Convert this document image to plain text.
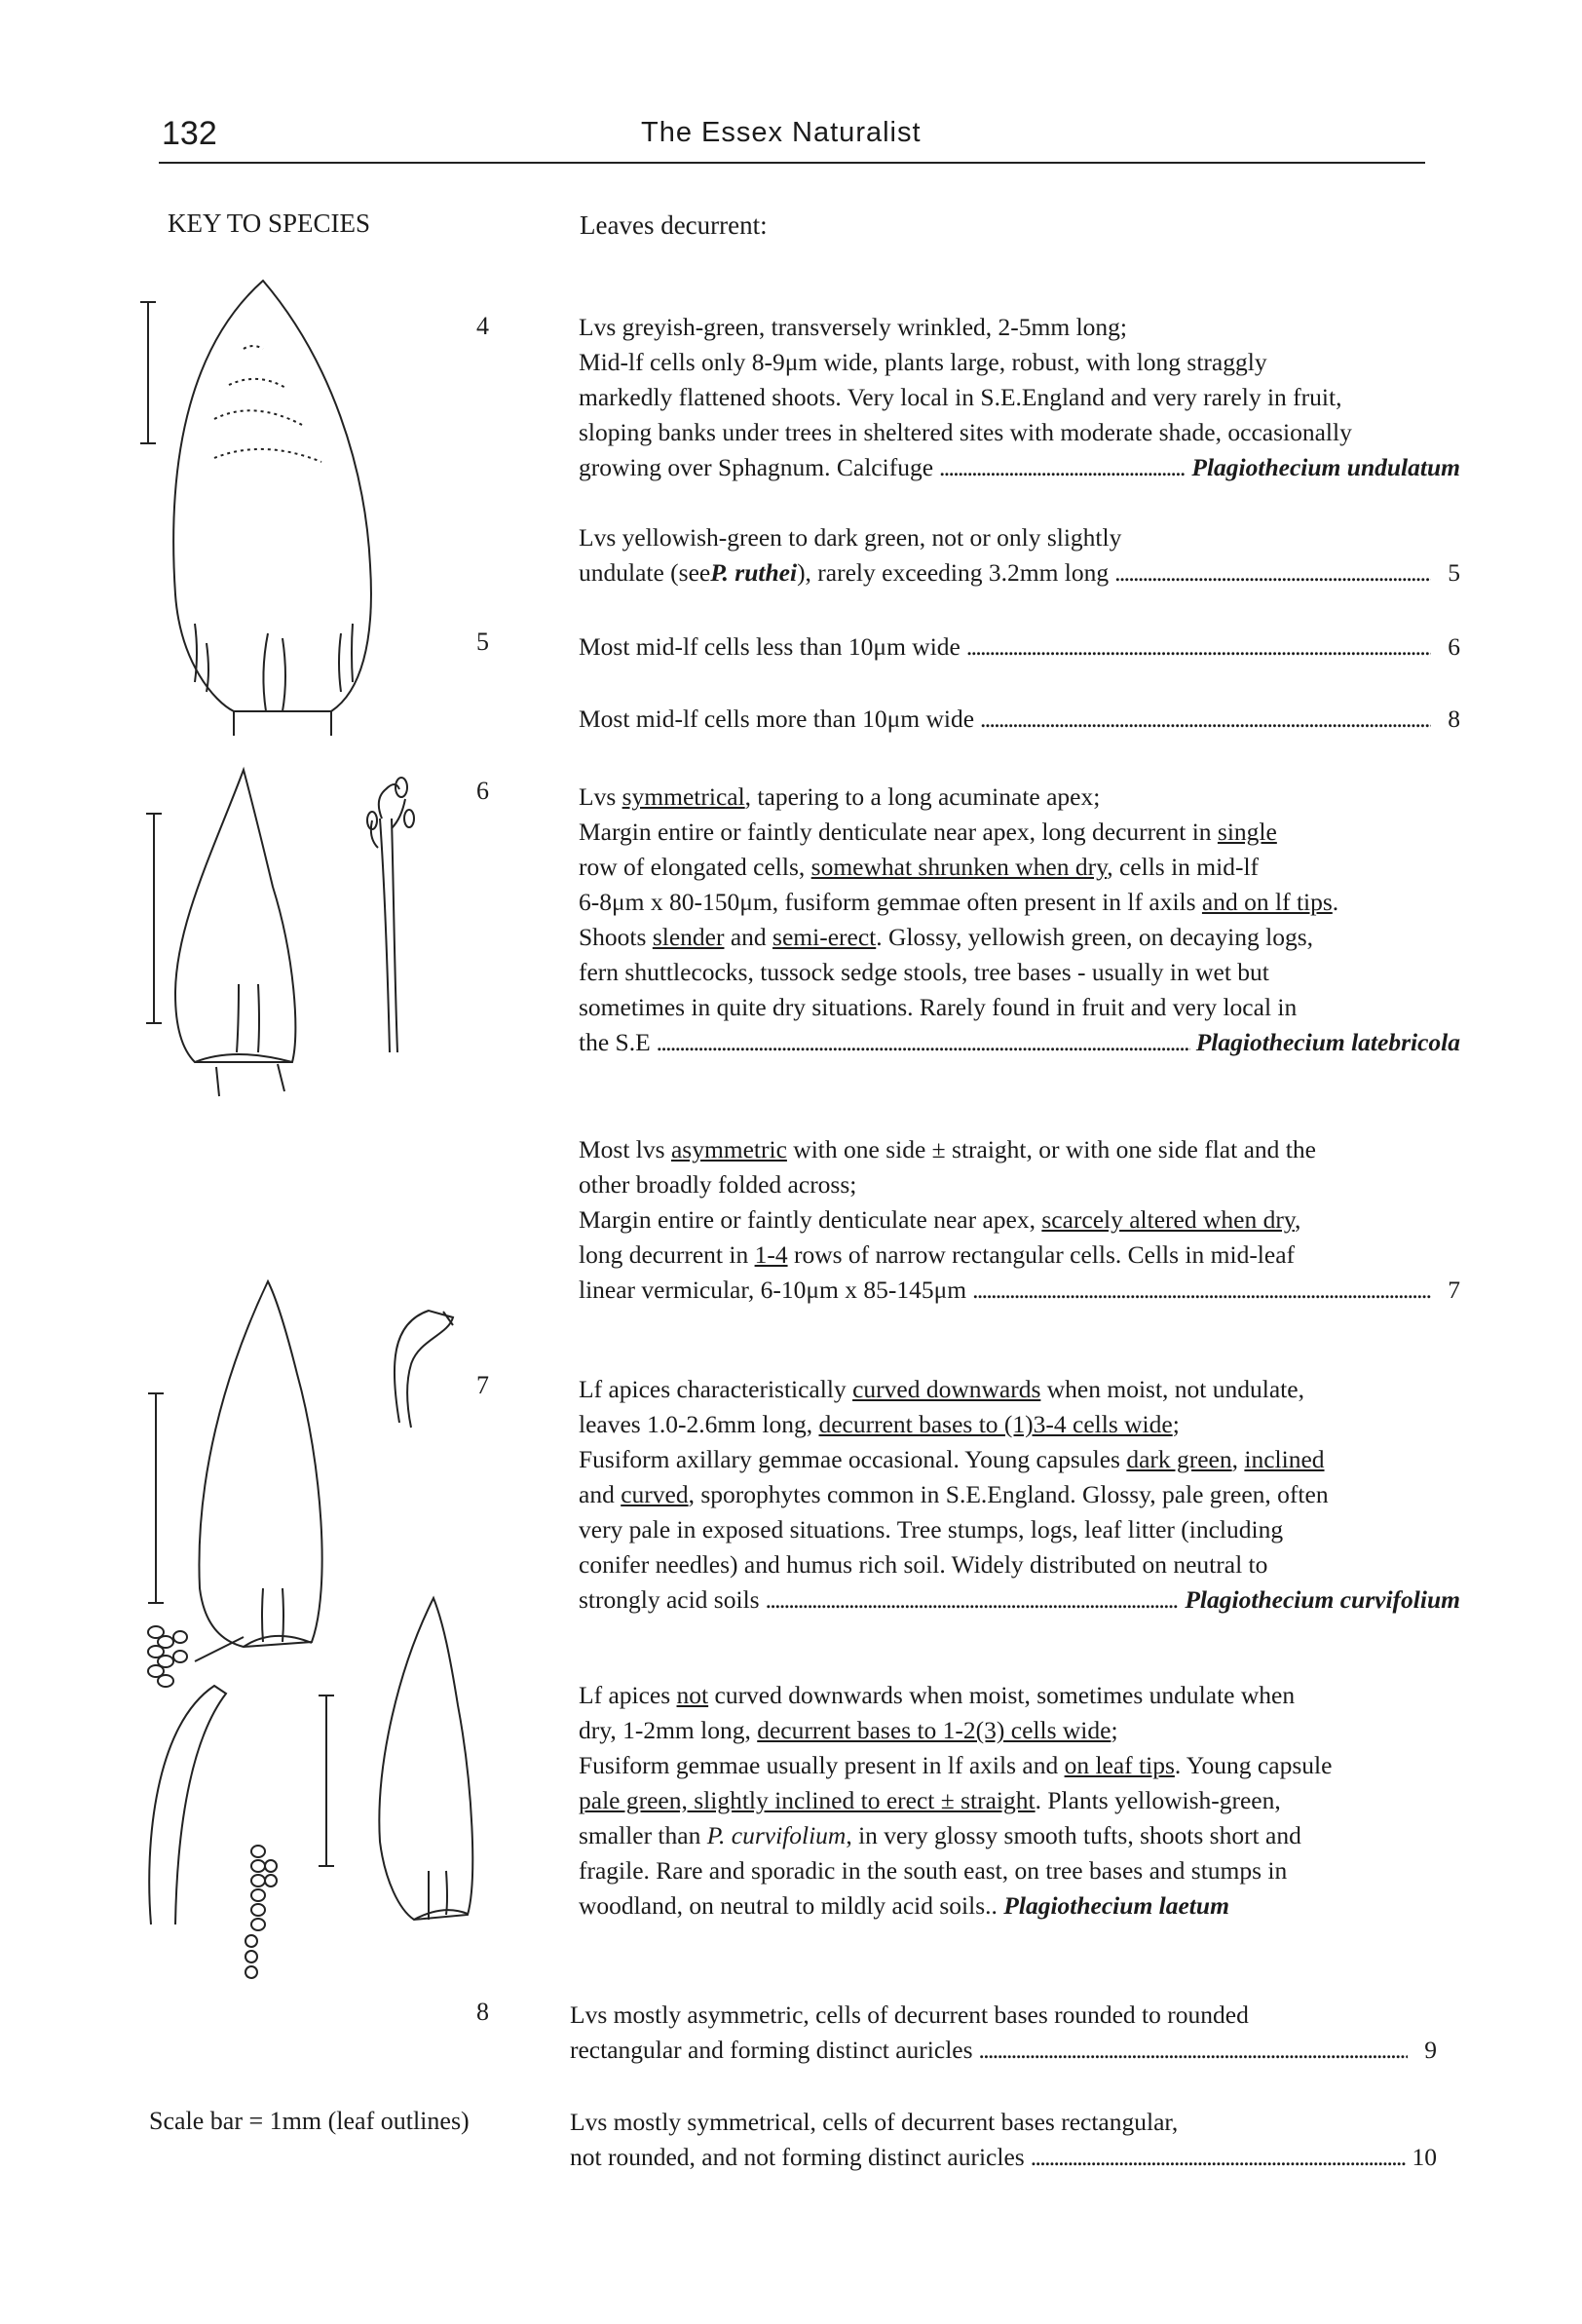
132	The Essex Naturalist
KEY TO SPECIES	Leaves decurrent:
4
5
6
7
8

Lvs greyish-green, transversely wrinkled, 2-5mm long;

Mid-lf cells only 8-9μm wide, plants large, robust, with long straggly

markedly flattened shoots. Very local in S.E.England and very rarely in fruit,

sloping banks under trees in sheltered sites with moderate shade, occasionally

growing over Sphagnum. Calcifuge . . .	Plagiothecium undulatum

Lvs yellowish-green to dark green, not or only slightly

undulate (see P. ruthei ), rarely exceeding 3.2mm long . . .	5
Most mid-lf cells less than 10μm wide . . .	6
Most mid-lf cells more than 10μm wide . . .	8

Lvs symmetrical, tapering to a long acuminate apex;

Margin entire or faintly denticulate near apex, long decurrent in single

row of elongated cells, somewhat shrunken when dry, cells in mid-lf

6-8μm x 80-150μm, fusiform gemmae often present in lf axils and on lf tips.

Shoots slender and semi-erect. Glossy, yellowish green, on decaying logs,

fern shuttlecocks, tussock sedge stools, tree bases - usually in wet but

sometimes in quite dry situations. Rarely found in fruit and very local in

the S.E . . .	Plagiothecium latebricola

Most lvs asymmetric with one side ± straight, or with one side flat and the

other broadly folded across;

Margin entire or faintly denticulate near apex, scarcely altered when dry,

long decurrent in 1-4 rows of narrow rectangular cells. Cells in mid-leaf

linear vermicular, 6-10μm x 85-145μm . . .	7

Lf apices characteristically curved downwards when moist, not undulate,

leaves 1.0-2.6mm long, decurrent bases to (1)3-4 cells wide;

Fusiform axillary gemmae occasional. Young capsules dark green, inclined

and curved, sporophytes common in S.E.England. Glossy, pale green, often

very pale in exposed situations. Tree stumps, logs, leaf litter (including

conifer needles) and humus rich soil. Widely distributed on neutral to

strongly acid soils . . .	Plagiothecium curvifolium

Lf apices not curved downwards when moist, sometimes undulate when

dry, 1-2mm long, decurrent bases to 1-2(3) cells wide;

Fusiform gemmae usually present in lf axils and on leaf tips. Young capsule

pale green, slightly inclined to erect ± straight. Plants yellowish-green,

smaller than P. curvifolium, in very glossy smooth tufts, shoots short and

fragile. Rare and sporadic in the south east, on tree bases and stumps in

woodland, on neutral to mildly acid soils.. Plagiothecium laetum

Lvs mostly asymmetric, cells of decurrent bases rounded to rounded

rectangular and forming distinct auricles . . .	9

Lvs mostly symmetrical, cells of decurrent bases rectangular,

not rounded, and not forming distinct auricles . . .	10
Scale bar = 1mm (leaf outlines)
